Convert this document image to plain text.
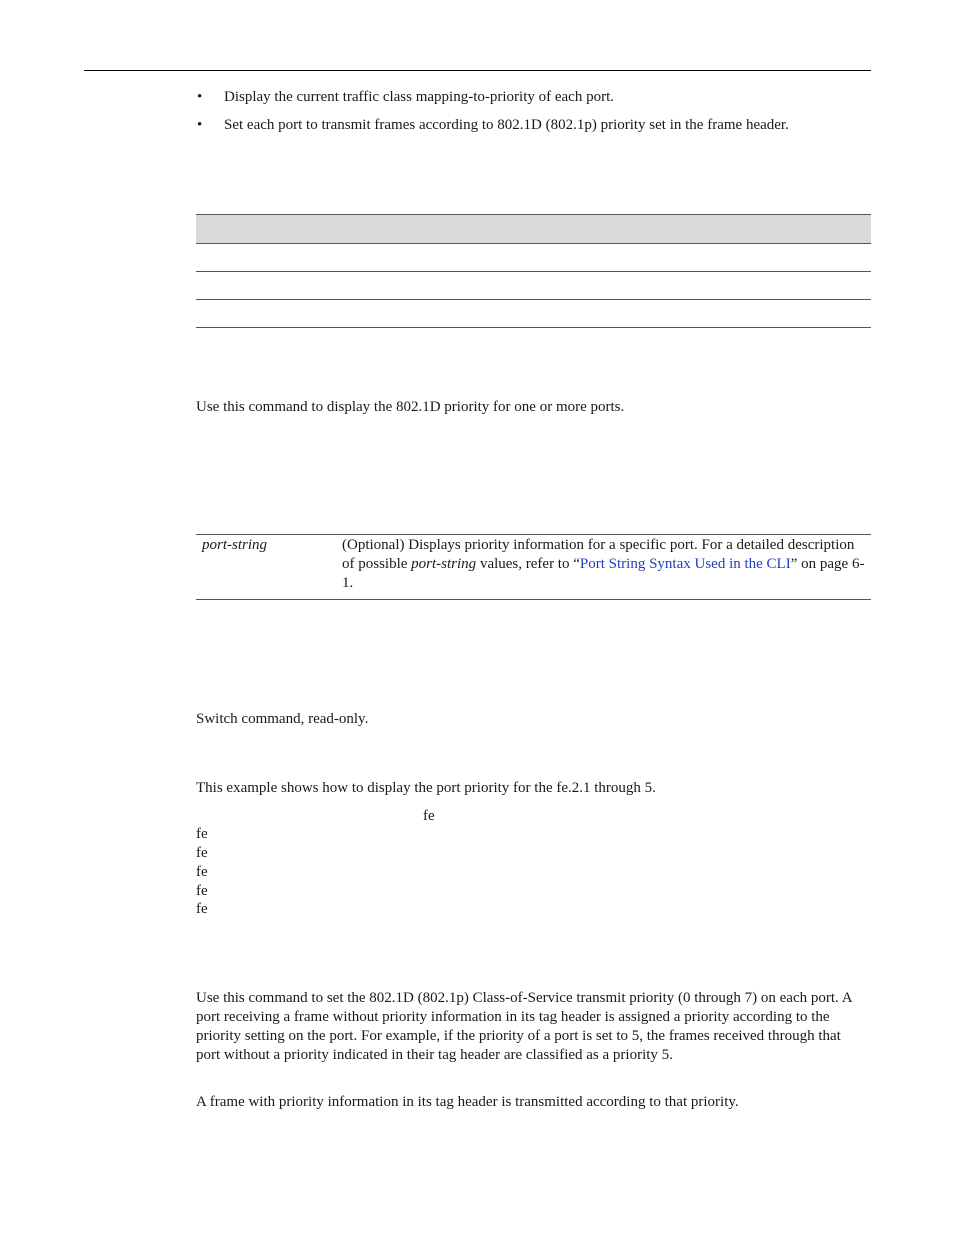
• Display the current traffic class mapping-to-priority of each port.
• Set each port to transmit frames according to 802.1D (802.1p) priority set in the frame header.
Use this command to display the 802.1D priority for one or more ports.
port-string	(Optional) Displays priority information for a specific port. For a detailed description of possible port-string values, refer to “Port String Syntax Used in the CLI” on page 6-1.
Switch command, read-only.
This example shows how to display the port priority for the fe.2.1 through 5.
fe
fe
fe
fe
fe
fe
Use this command to set the 802.1D (802.1p) Class-of-Service transmit priority (0 through 7) on each port. A port receiving a frame without priority information in its tag header is assigned a priority according to the priority setting on the port. For example, if the priority of a port is set to 5, the frames received through that port without a priority indicated in their tag header are classified as a priority 5.
A frame with priority information in its tag header is transmitted according to that priority.
